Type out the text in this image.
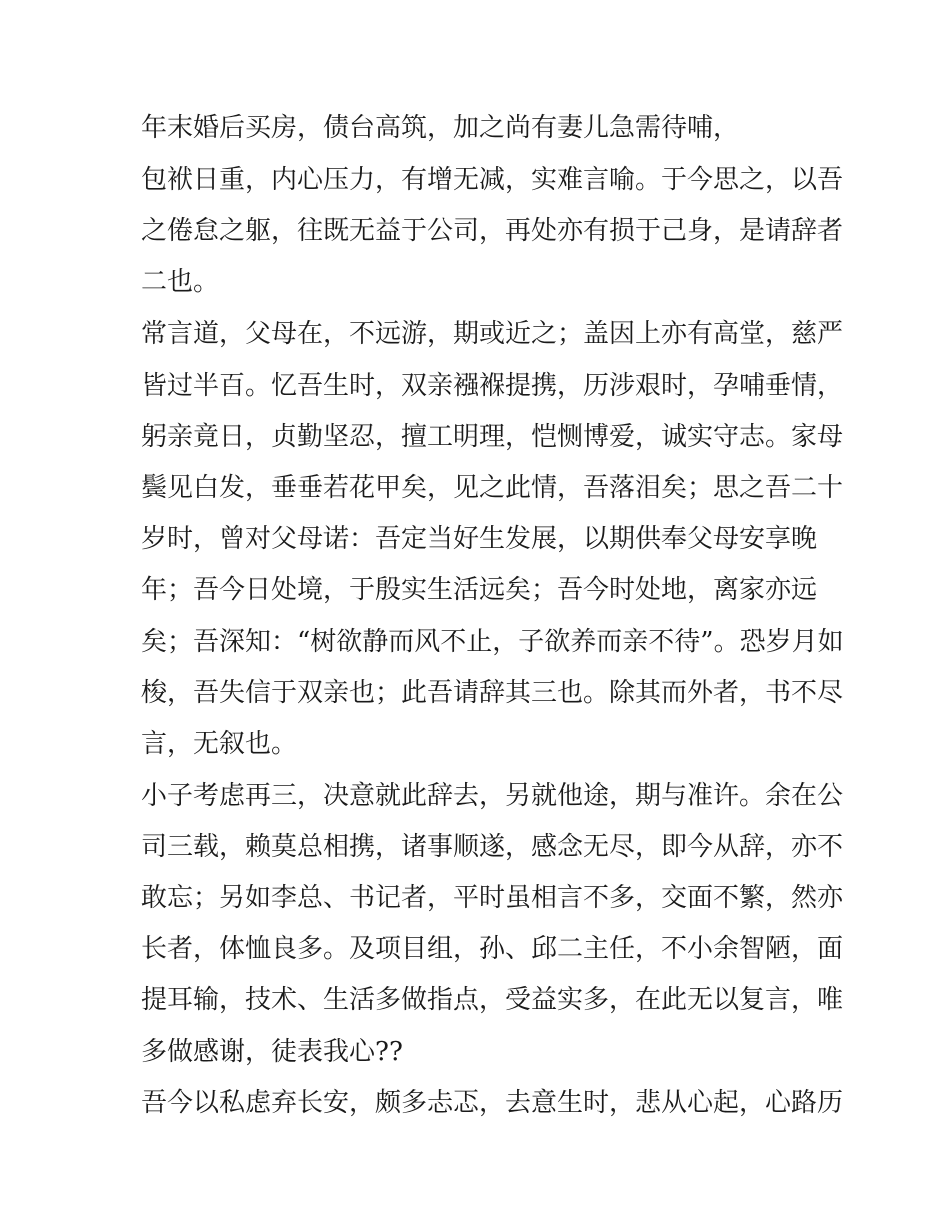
年末婚后买房，债台高筑，加之尚有妻儿急需待哺，
包袱日重，内心压力，有增无减，实难言喻。于今思之，以吾
之倦怠之躯，往既无益于公司，再处亦有损于己身，是请辞者
二也。
常言道，父母在，不远游，期或近之；盖因上亦有高堂，慈严
皆过半百。忆吾生时，双亲襁褓提携，历涉艰时，孕哺垂情，
躬亲竟日，贞勤坚忍，擅工明理，恺恻博爱，诚实守志。家母
鬓见白发，垂垂若花甲矣，见之此情，吾落泪矣；思之吾二十
岁时，曾对父母诺：吾定当好生发展，以期供奉父母安享晚
年；吾今日处境，于殷实生活远矣；吾今时处地，离家亦远
矣；吾深知：“树欲静而风不止，子欲养而亲不待”。恐岁月如
梭，吾失信于双亲也；此吾请辞其三也。除其而外者，书不尽
言，无叙也。
小子考虑再三，决意就此辞去，另就他途，期与准许。余在公
司三载，赖莫总相携，诸事顺遂，感念无尽，即今从辞，亦不
敢忘；另如李总、书记者，平时虽相言不多，交面不繁，然亦
长者，体恤良多。及项目组，孙、邱二主任，不小余智陋，面
提耳输，技术、生活多做指点，受益实多，在此无以复言，唯
多做感谢，徒表我心??
吾今以私虑弃长安，颇多忐忑，去意生时，悲从心起，心路历
